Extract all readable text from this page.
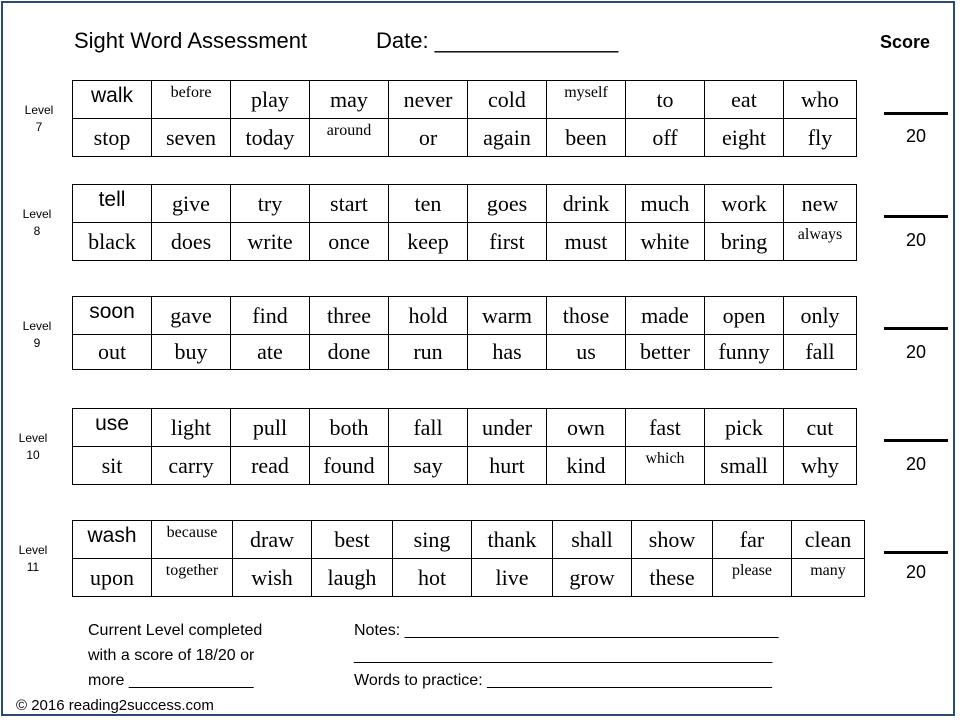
Sight Word Assessment	Date: _______________	Score
Level
7
walk	before	play	may	never	cold	myself	to	eat	who
stop	seven	today	around	or	again	been	off	eight	fly	20
Level
8
tell	give	try	start	ten	goes	drink	much	work	new
black	does	write	once	keep	first	must	white	bring	always	20
Level
9
soon	gave	find	three	hold	warm	those	made	open	only
out	buy	ate	done	run	has	us	better	funny	fall	20
Level
10
use	light	pull	both	fall	under	own	fast	pick	cut
sit	carry	read	found	say	hurt	kind	which	small	why	20
Level
11
wash	because	draw	best	sing	thank	shall	show	far	clean
upon	together	wish	laugh	hot	live	grow	these	please	many	20
Current Level completed
with a score of 18/20 or
more ______________
Notes: __________________________________________
_______________________________________________
Words to practice: ________________________________
© 2016 reading2success.com
